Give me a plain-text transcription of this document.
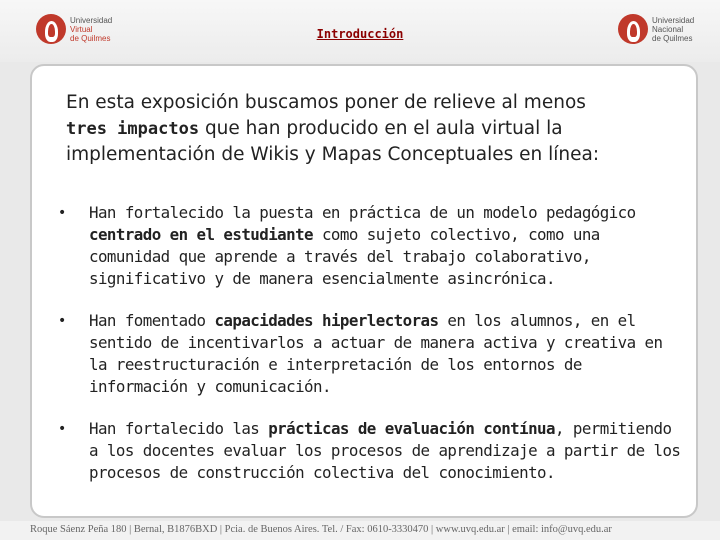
Universidad
Virtual
de Quilmes	Introducción
Universidad
Nacional
de Quilmes

En esta exposición buscamos poner de relieve al menos
tres impactos que han producido en el aula virtual la implementación de Wikis y Mapas Conceptuales en línea:

•	Han fortalecido la puesta en práctica de un modelo pedagógico centrado en el estudiante como sujeto colectivo, como una comunidad que aprende a través del trabajo colaborativo, significativo y de manera esencialmente asincrónica.

•	Han fomentado capacidades hiperlectoras en los alumnos, en el sentido de incentivarlos a actuar de manera activa y creativa en la reestructuración e interpretación de los entornos de información y comunicación.

•	Han fortalecido las prácticas de evaluación contínua, permitiendo a los docentes evaluar los procesos de aprendizaje a partir de los procesos de construcción colectiva del conocimiento.

Roque Sáenz Peña 180 | Bernal, B1876BXD | Pcia. de Buenos Aires. Tel. / Fax: 0610-3330470 | www.uvq.edu.ar | email: info@uvq.edu.ar
